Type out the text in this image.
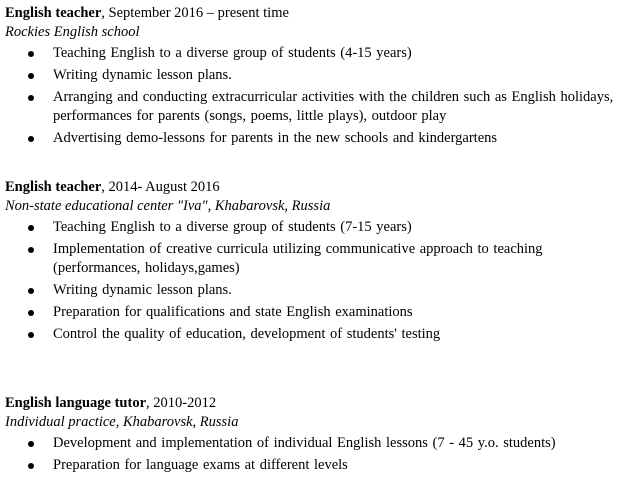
English teacher, September 2016 – present time
Rockies English school
Teaching English to a diverse group of students (4-15 years)
Writing dynamic lesson plans.
Arranging and conducting extracurricular activities with the children such as English holidays, performances for parents (songs, poems, little plays), outdoor play
Advertising demo-lessons for parents in the new schools and kindergartens
English teacher, 2014- August 2016
Non-state educational center "Iva", Khabarovsk, Russia
Teaching English to a diverse group of students (7-15 years)
Implementation of creative curricula utilizing communicative approach to teaching (performances, holidays,games)
Writing dynamic lesson plans.
Preparation for qualifications and state English examinations
Control the quality of education, development of students' testing
English language tutor, 2010-2012
Individual practice, Khabarovsk, Russia
Development and implementation of individual English lessons (7 - 45 y.o. students)
Preparation for language exams at different levels
